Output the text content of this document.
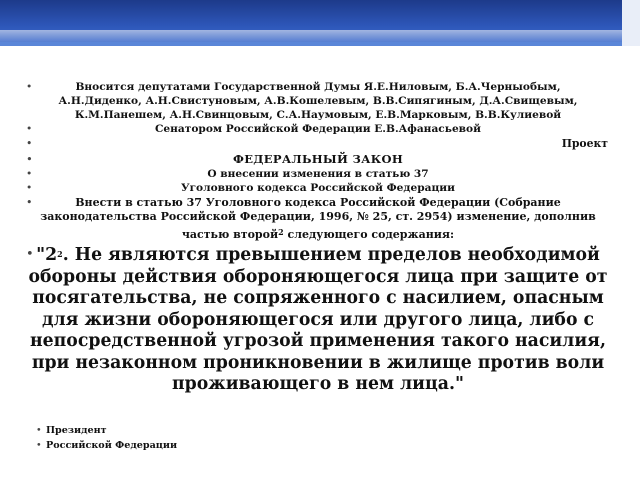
• Вносится депутатами Государственной Думы Я.Е.Ниловым, Б.А.Черныобым, А.Н.Диденко, А.Н.Свистуновым, А.В.Кошелевым, В.В.Сипягиным, Д.А.Свищевым, К.М.Панешем, А.Н.Свинцовым, С.А.Наумовым, Е.В.Марковым, В.В.Кулиевой

• Сенатором Российской Федерации Е.В.Афанасьевой

• Проект

• ФЕДЕРАЛЬНЫЙ ЗАКОН

• О внесении изменения в статью 37

• Уголовного кодекса Российской Федерации

• Внести в статью 37 Уголовного кодекса Российской Федерации (Собрание законодательства Российской Федерации, 1996, № 25, ст. 2954) изменение, дополнив частью второй$^2$ следующего содержания:

• "$2^2$. Не являются превышением пределов необходимой обороны действия обороняющегося лица при защите от посягательства, не сопряженного с насилием, опасным для жизни обороняющегося или другого лица, либо с непосредственной угрозой применения такого насилия, при незаконном проникновении в жилище против воли проживающего в нем лица."

• Президент
• Российской Федерации
